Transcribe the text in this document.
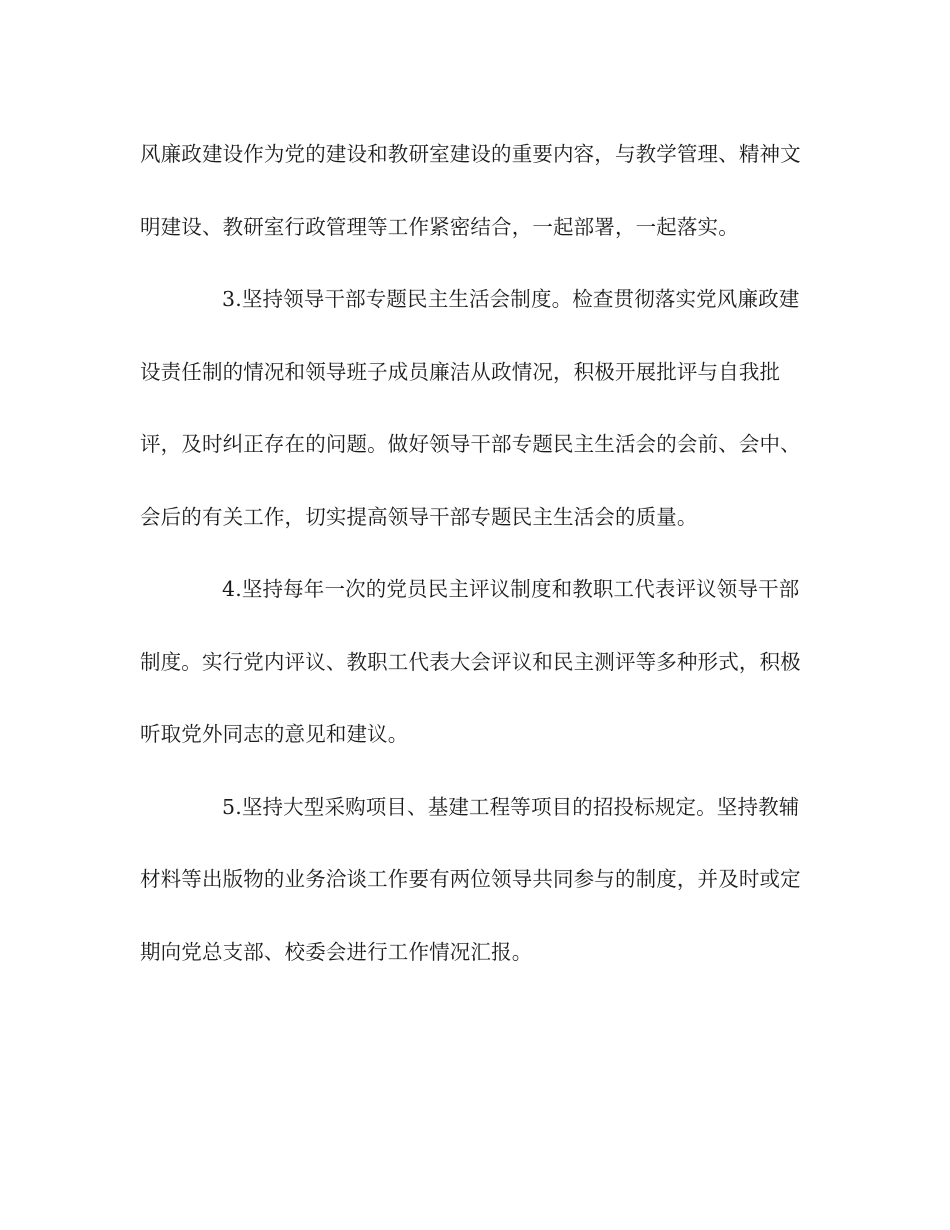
风廉政建设作为党的建设和教研室建设的重要内容，与教学管理、精神文明建设、教研室行政管理等工作紧密结合，一起部署，一起落实。

3.坚持领导干部专题民主生活会制度。检查贯彻落实党风廉政建设责任制的情况和领导班子成员廉洁从政情况，积极开展批评与自我批评，及时纠正存在的问题。做好领导干部专题民主生活会的会前、会中、会后的有关工作，切实提高领导干部专题民主生活会的质量。

4.坚持每年一次的党员民主评议制度和教职工代表评议领导干部制度。实行党内评议、教职工代表大会评议和民主测评等多种形式，积极听取党外同志的意见和建议。

5.坚持大型采购项目、基建工程等项目的招投标规定。坚持教辅材料等出版物的业务洽谈工作要有两位领导共同参与的制度，并及时或定期向党总支部、校委会进行工作情况汇报。
